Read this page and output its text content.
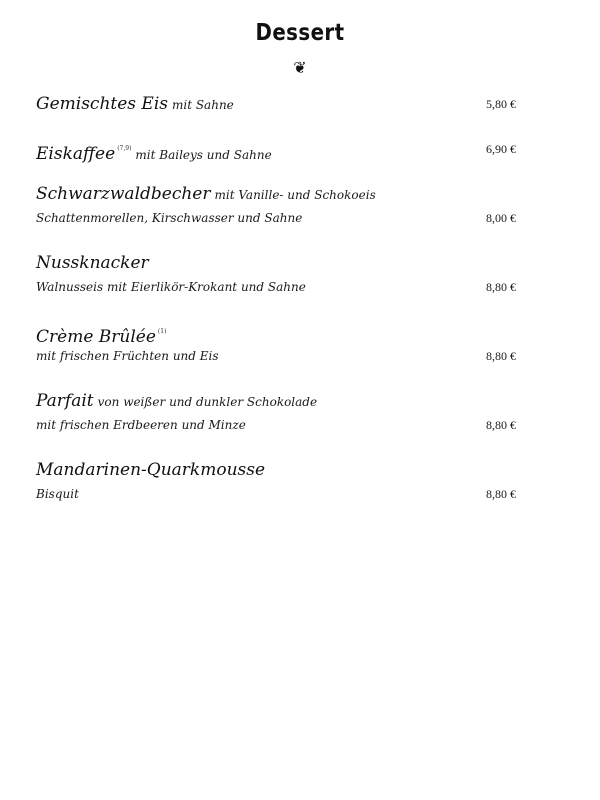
Dessert
❦
Gemischtes Eis mit Sahne	5,80 €
Eiskaffee $^{(7,9)}$ mit Baileys und Sahne	6,90 €
Schwarzwaldbecher mit Vanille- und Schokoeis
Schattenmorellen, Kirschwasser und Sahne	8,00 €
Nussknacker
Walnusseis mit Eierlikör-Krokant und Sahne	8,80 €
Crème Brûlée $^{(1)}$
mit frischen Früchten und Eis	8,80 €
Parfait von weißer und dunkler Schokolade
mit frischen Erdbeeren und Minze	8,80 €
Mandarinen-Quarkmousse
Bisquit	8,80 €
